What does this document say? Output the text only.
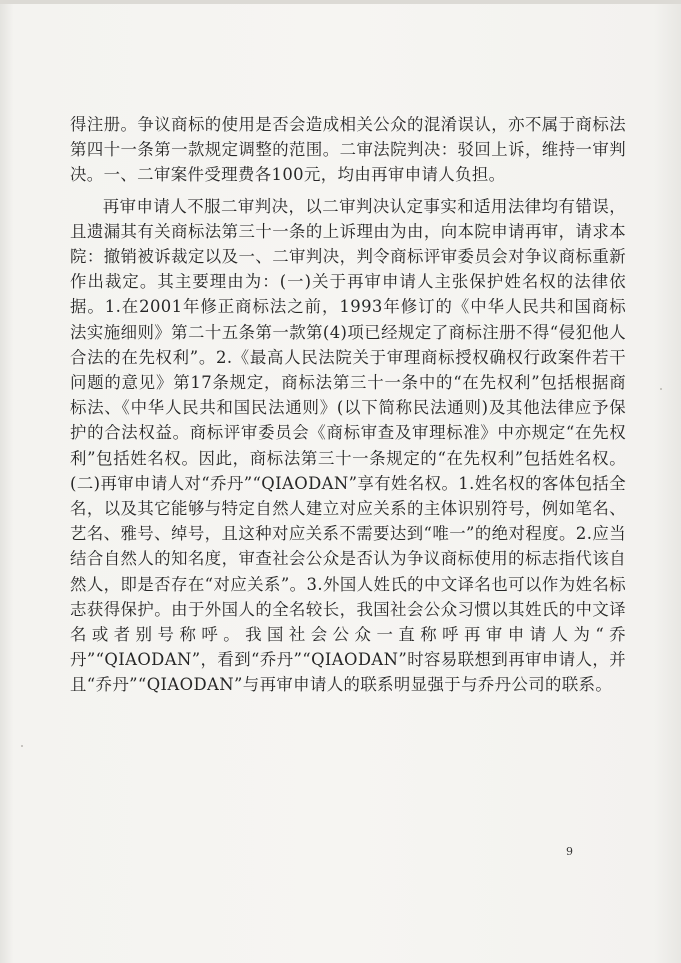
得注册。争议商标的使用是否会造成相关公众的混淆误认，亦不属于商标法第四十一条第一款规定调整的范围。二审法院判决：驳回上诉，维持一审判决。一、二审案件受理费各100元，均由再审申请人负担。

再审申请人不服二审判决，以二审判决认定事实和适用法律均有错误，且遗漏其有关商标法第三十一条的上诉理由为由，向本院申请再审，请求本院：撤销被诉裁定以及一、二审判决，判令商标评审委员会对争议商标重新作出裁定。其主要理由为：(一)关于再审申请人主张保护姓名权的法律依据。1.在2001年修正商标法之前，1993年修订的《中华人民共和国商标法实施细则》第二十五条第一款第(4)项已经规定了商标注册不得“侵犯他人合法的在先权利”。2.《最高人民法院关于审理商标授权确权行政案件若干问题的意见》第17条规定，商标法第三十一条中的“在先权利”包括根据商标法、《中华人民共和国民法通则》(以下简称民法通则)及其他法律应予保护的合法权益。商标评审委员会《商标审查及审理标准》中亦规定“在先权利”包括姓名权。因此，商标法第三十一条规定的“在先权利”包括姓名权。(二)再审申请人对“乔丹”“QIAODAN”享有姓名权。1.姓名权的客体包括全名，以及其它能够与特定自然人建立对应关系的主体识别符号，例如笔名、艺名、雅号、绰号，且这种对应关系不需要达到“唯一”的绝对程度。2.应当结合自然人的知名度，审查社会公众是否认为争议商标使用的标志指代该自然人，即是否存在“对应关系”。3.外国人姓氏的中文译名也可以作为姓名标志获得保护。由于外国人的全名较长，我国社会公众习惯以其姓氏的中文译名或者别号称呼。我国社会公众一直称呼再审申请人为“乔丹”“QIAODAN”，看到“乔丹”“QIAODAN”时容易联想到再审申请人，并且“乔丹”“QIAODAN”与再审申请人的联系明显强于与乔丹公司的联系。

9
